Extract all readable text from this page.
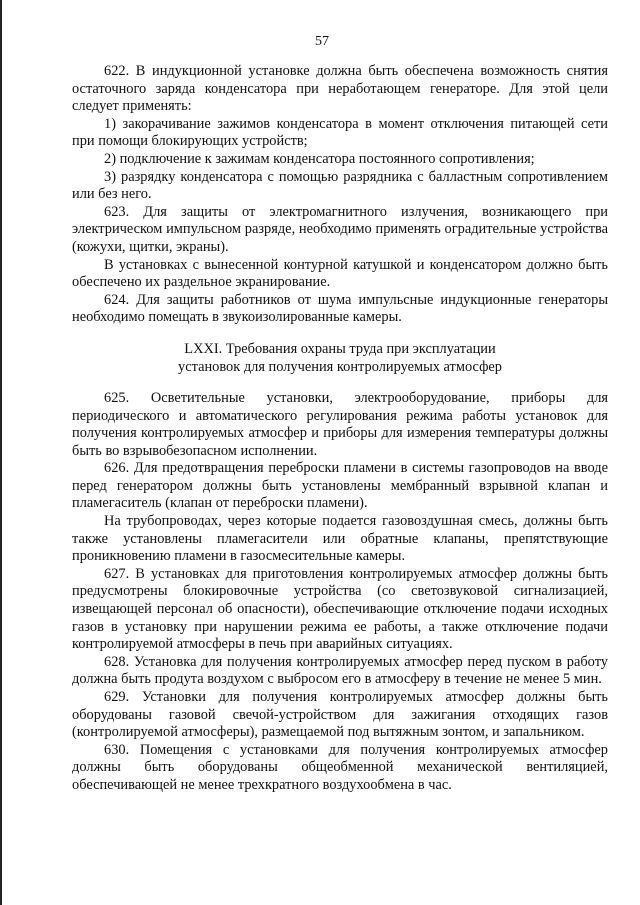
57

622. В индукционной установке должна быть обеспечена возможность снятия остаточного заряда конденсатора при неработающем генераторе. Для этой цели следует применять:

1) закорачивание зажимов конденсатора в момент отключения питающей сети при помощи блокирующих устройств;

2) подключение к зажимам конденсатора постоянного сопротивления;

3) разрядку конденсатора с помощью разрядника с балластным сопротивлением или без него.

623. Для защиты от электромагнитного излучения, возникающего при электрическом импульсном разряде, необходимо применять оградительные устройства (кожухи, щитки, экраны).

В установках с вынесенной контурной катушкой и конденсатором должно быть обеспечено их раздельное экранирование.

624. Для защиты работников от шума импульсные индукционные генераторы необходимо помещать в звукоизолированные камеры.

LXXI. Требования охраны труда при эксплуатации
установок для получения контролируемых атмосфер

625. Осветительные установки, электрооборудование, приборы для периодического и автоматического регулирования режима работы установок для получения контролируемых атмосфер и приборы для измерения температуры должны быть во взрывобезопасном исполнении.

626. Для предотвращения переброски пламени в системы газопроводов на вводе перед генератором должны быть установлены мембранный взрывной клапан и пламегаситель (клапан от переброски пламени).

На трубопроводах, через которые подается газовоздушная смесь, должны быть также установлены пламегасители или обратные клапаны, препятствующие проникновению пламени в газосмесительные камеры.

627. В установках для приготовления контролируемых атмосфер должны быть предусмотрены блокировочные устройства (со светозвуковой сигнализацией, извещающей персонал об опасности), обеспечивающие отключение подачи исходных газов в установку при нарушении режима ее работы, а также отключение подачи контролируемой атмосферы в печь при аварийных ситуациях.

628. Установка для получения контролируемых атмосфер перед пуском в работу должна быть продута воздухом с выбросом его в атмосферу в течение не менее 5 мин.

629. Установки для получения контролируемых атмосфер должны быть оборудованы газовой свечой-устройством для зажигания отходящих газов (контролируемой атмосферы), размещаемой под вытяжным зонтом, и запальником.

630. Помещения с установками для получения контролируемых атмосфер должны быть оборудованы общеобменной механической вентиляцией, обеспечивающей не менее трехкратного воздухообмена в час.
